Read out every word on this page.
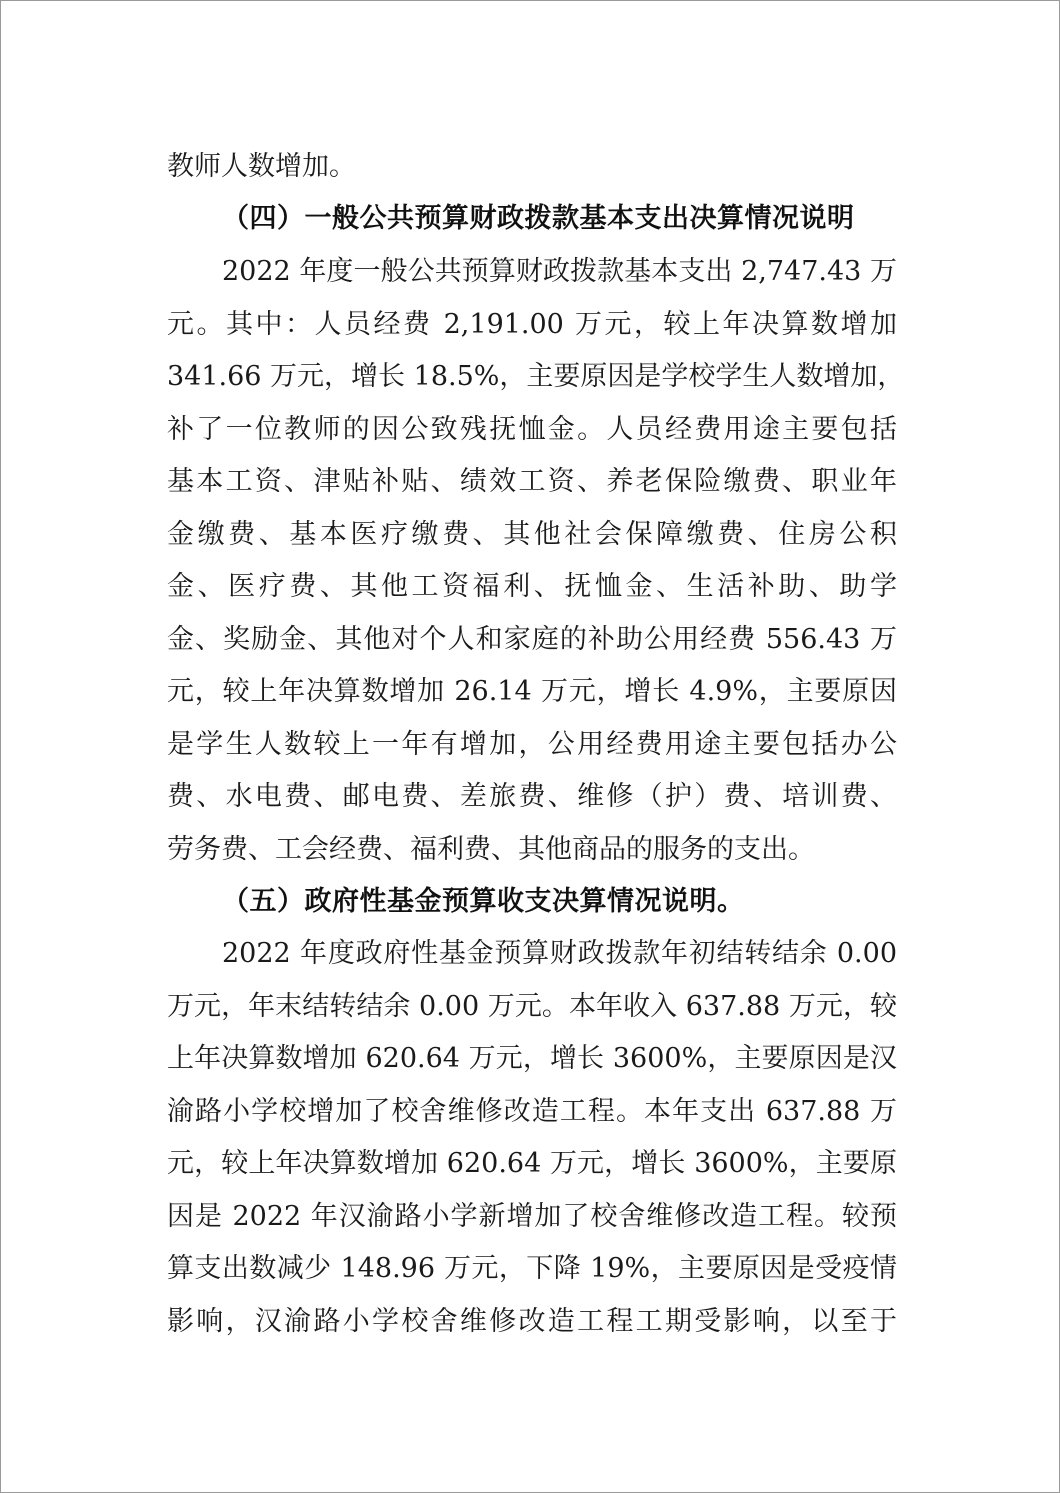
教师人数增加。
（四）一般公共预算财政拨款基本支出决算情况说明
2022 年度一般公共预算财政拨款基本支出 2,747.43 万
元。其中：人员经费 2,191.00 万元，较上年决算数增加
341.66 万元，增长 18.5%，主要原因是学校学生人数增加，
补了一位教师的因公致残抚恤金。人员经费用途主要包括
基本工资、津贴补贴、绩效工资、养老保险缴费、职业年
金缴费、基本医疗缴费、其他社会保障缴费、住房公积
金、医疗费、其他工资福利、抚恤金、生活补助、助学
金、奖励金、其他对个人和家庭的补助公用经费 556.43 万
元，较上年决算数增加 26.14 万元，增长 4.9%，主要原因
是学生人数较上一年有增加，公用经费用途主要包括办公
费、水电费、邮电费、差旅费、维修（护）费、培训费、
劳务费、工会经费、福利费、其他商品的服务的支出。
（五）政府性基金预算收支决算情况说明。
2022 年度政府性基金预算财政拨款年初结转结余 0.00
万元，年末结转结余 0.00 万元。本年收入 637.88 万元，较
上年决算数增加 620.64 万元，增长 3600%，主要原因是汉
渝路小学校增加了校舍维修改造工程。本年支出 637.88 万
元，较上年决算数增加 620.64 万元，增长 3600%，主要原
因是 2022 年汉渝路小学新增加了校舍维修改造工程。较预
算支出数减少 148.96 万元，下降 19%，主要原因是受疫情
影响，汉渝路小学校舍维修改造工程工期受影响，以至于
